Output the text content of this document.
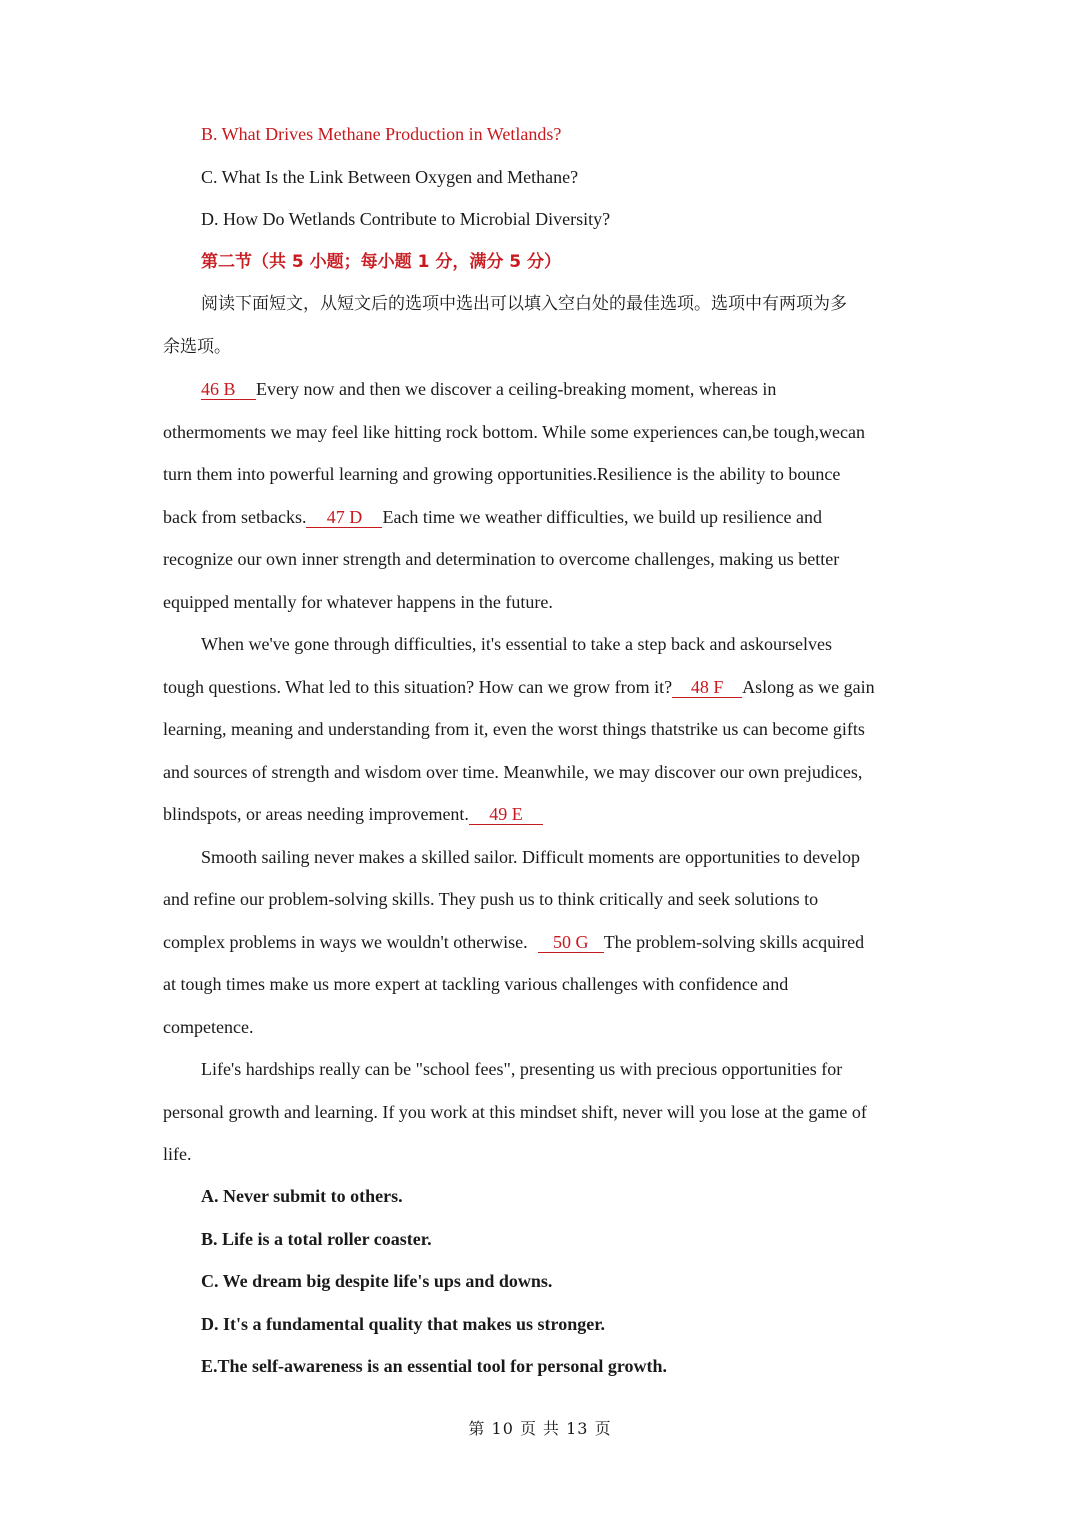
B. What Drives Methane Production in Wetlands?
C. What Is the Link Between Oxygen and Methane?
D. How Do Wetlands Contribute to Microbial Diversity?
第二节（共 5 小题；每小题 1 分，满分 5 分）
阅读下面短文，从短文后的选项中选出可以填入空白处的最佳选项。选项中有两项为多
余选项。
46 B Every now and then we discover a ceiling-breaking moment, whereas in
othermoments we may feel like hitting rock bottom. While some experiences can,be tough,wecan
turn them into powerful learning and growing opportunities.Resilience is the ability to bounce
back from setbacks. 47 D Each time we weather difficulties, we build up resilience and
recognize our own inner strength and determination to overcome challenges, making us better
equipped mentally for whatever happens in the future.
When we've gone through difficulties, it's essential to take a step back and askourselves
tough questions. What led to this situation? How can we grow from it? 48 F Aslong as we gain
learning, meaning and understanding from it, even the worst things thatstrike us can become gifts
and sources of strength and wisdom over time. Meanwhile, we may discover our own prejudices,
blindspots, or areas needing improvement. 49 E
Smooth sailing never makes a skilled sailor. Difficult moments are opportunities to develop
and refine our problem-solving skills. They push us to think critically and seek solutions to
complex problems in ways we wouldn't otherwise. 50 G The problem-solving skills acquired
at tough times make us more expert at tackling various challenges with confidence and
competence.
Life's hardships really can be "school fees", presenting us with precious opportunities for
personal growth and learning. If you work at this mindset shift, never will you lose at the game of
life.
A. Never submit to others.
B. Life is a total roller coaster.
C. We dream big despite life's ups and downs.
D. It's a fundamental quality that makes us stronger.
E.The self-awareness is an essential tool for personal growth.
第 10 页 共 13 页
